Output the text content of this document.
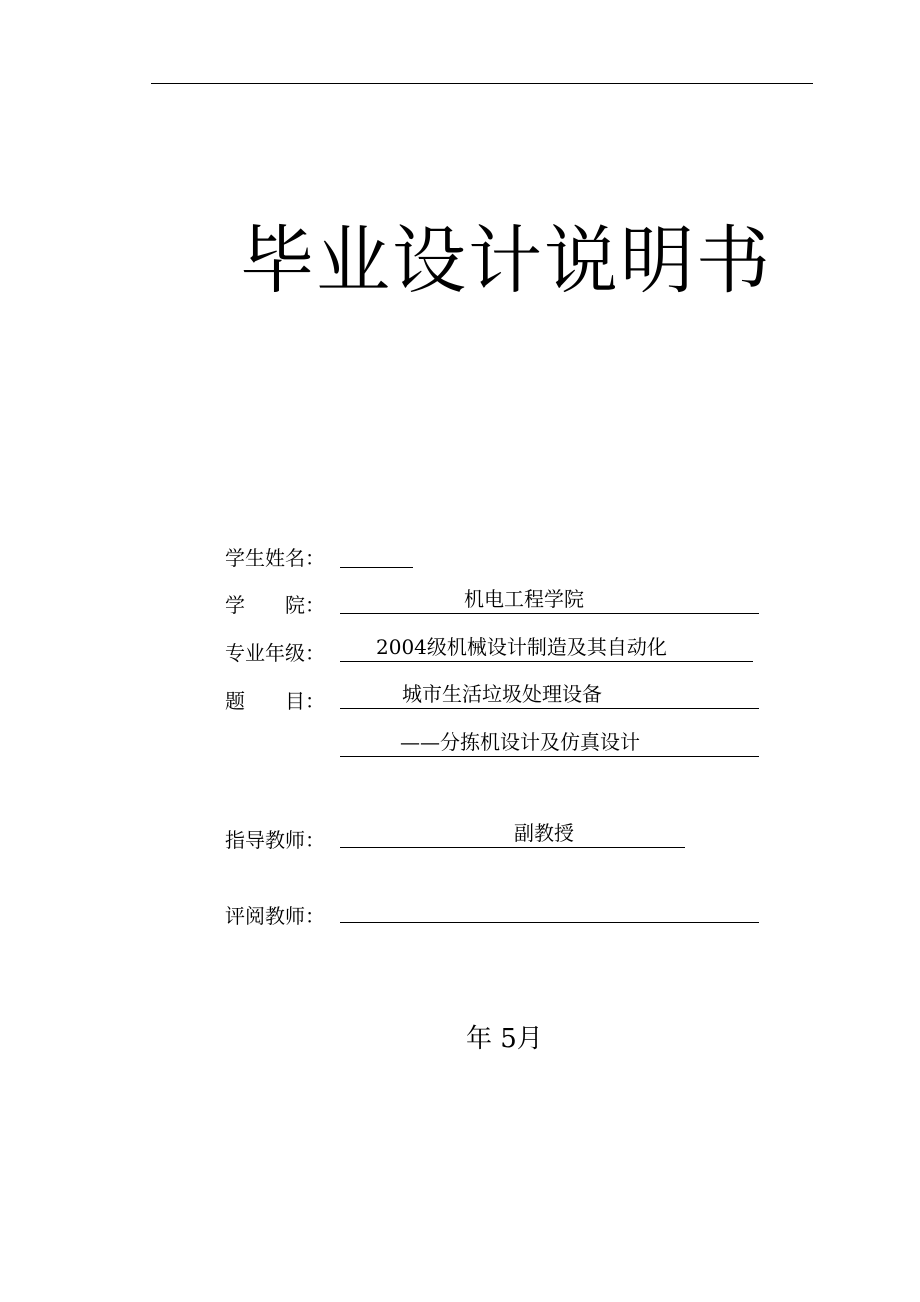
毕业设计说明书
学生姓名：
学　　院：	机电工程学院
专业年级：	2004级机械设计制造及其自动化
题　　目：	城市生活垃圾处理设备
——分拣机设计及仿真设计
指导教师：	副教授
评阅教师：
年 5月
